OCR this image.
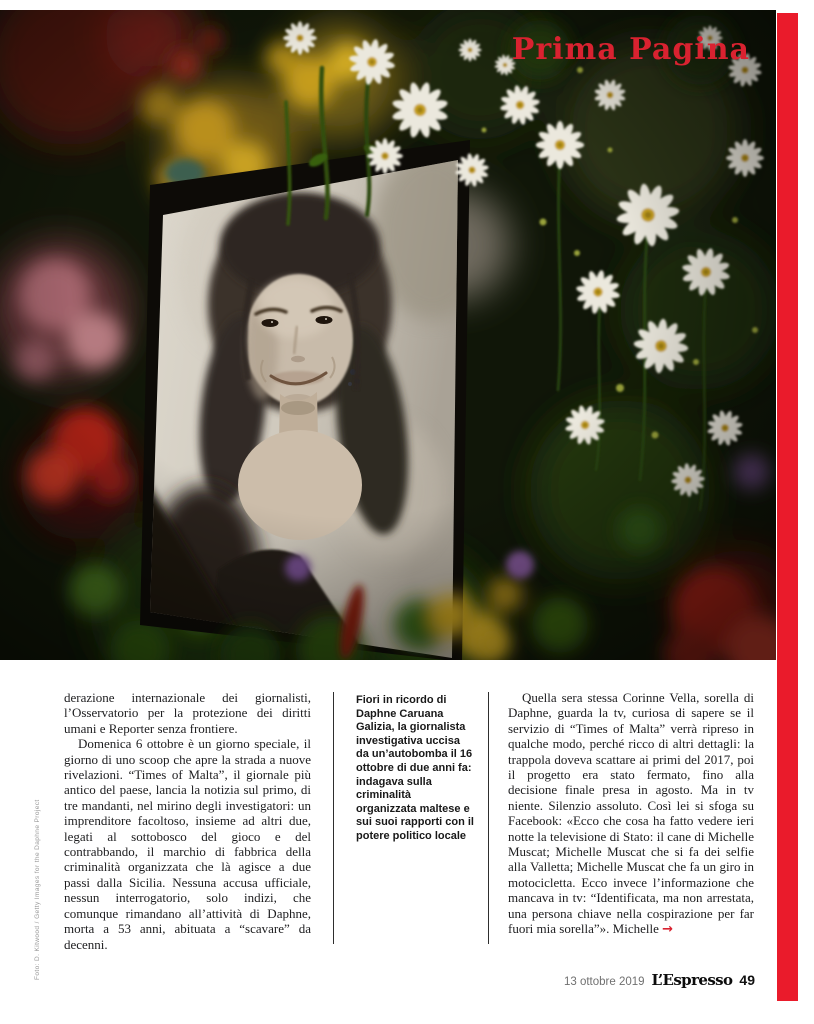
Prima Pagina
Foto: D. Kitwood / Getty Images for the Daphne Project

derazione internazionale dei giornalisti, l’Osservatorio per la protezione dei diritti umani e Reporter senza frontiere.

Domenica 6 ottobre è un giorno speciale, il giorno di uno scoop che apre la strada a nuove rivelazioni. “Times of Malta”, il giornale più antico del paese, lancia la notizia sul primo, di tre mandanti, nel mirino degli investigatori: un imprenditore facoltoso, insieme ad altri due, legati al sottobosco del gioco e del contrabbando, il marchio di fabbrica della criminalità organizzata che là agisce a due passi dalla Sicilia. Nessuna accusa ufficiale, nessun interrogatorio, solo indizi, che comunque rimandano all’attività di Daphne, morta a 53 anni, abituata a “scavare” da decenni.

Fiori in ricordo di Daphne Caruana Galizia, la giornalista investigativa uccisa da un’autobomba il 16 ottobre di due anni fa: indagava sulla criminalità organizzata maltese e sui suoi rapporti con il potere politico locale

Quella sera stessa Corinne Vella, sorella di Daphne, guarda la tv, curiosa di sapere se il servizio di “Times of Malta” verrà ripreso in qualche modo, perché ricco di altri dettagli: la trappola doveva scattare ai primi del 2017, poi il progetto era stato fermato, fino alla decisione finale presa in agosto. Ma in tv niente. Silenzio assoluto. Così lei si sfoga su Facebook: «Ecco che cosa ha fatto vedere ieri notte la televisione di Stato: il cane di Michelle Muscat; Michelle Muscat che si fa dei selfie alla Valletta; Michelle Muscat che fa un giro in motocicletta. Ecco invece l’informazione che mancava in tv: “Identificata, ma non arrestata, una persona chiave nella cospirazione per far fuori mia sorella”». Michelle →

13 ottobre 2019 L’Espresso 49
